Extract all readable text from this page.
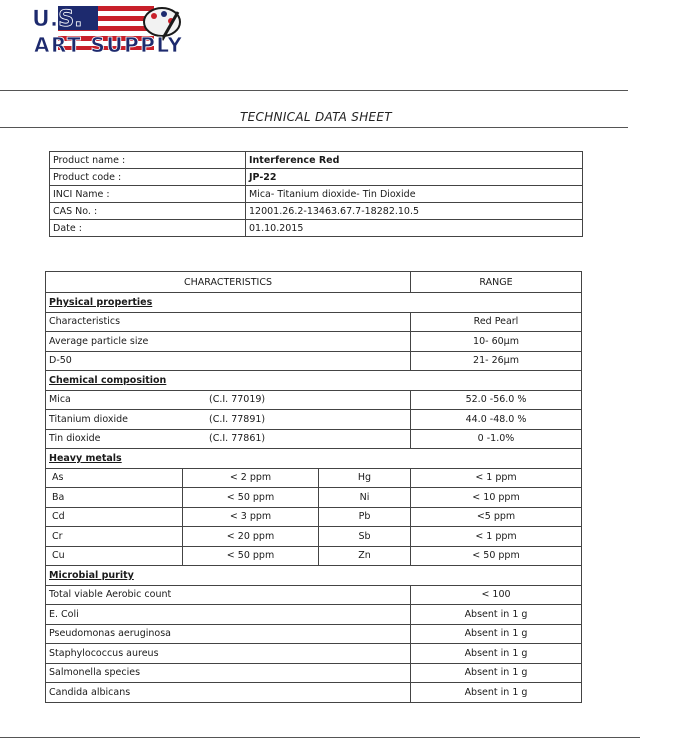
U.S.
ART SUPPLY
TECHNICAL DATA SHEET
Product name :	Interference Red
Product code :	JP-22
INCI Name :	Mica- Titanium dioxide- Tin Dioxide
CAS No. :	12001.26.2-13463.67.7-18282.10.5
Date :	01.10.2015
CHARACTERISTICS			RANGE
Physical properties			
Characteristics			Red Pearl
Average particle size			10- 60µm
D-50			21- 26µm
Chemical composition			

Mica (C.I. 77019)			52.0 -56.0 %

Titanium dioxide (C.I. 77891)			44.0 -48.0 %

Tin dioxide (C.I. 77861)			0 -1.0%
Heavy metals			
As	< 2 ppm	Hg	< 1 ppm
Ba	< 50 ppm	Ni	< 10 ppm
Cd	< 3 ppm	Pb	<5 ppm
Cr	< 20 ppm	Sb	< 1 ppm
Cu	< 50 ppm	Zn	< 50 ppm
Microbial purity			
Total viable Aerobic count			< 100
E. Coli			Absent in 1 g
Pseudomonas aeruginosa			Absent in 1 g
Staphylococcus aureus			Absent in 1 g
Salmonella species			Absent in 1 g
Candida albicans			Absent in 1 g
